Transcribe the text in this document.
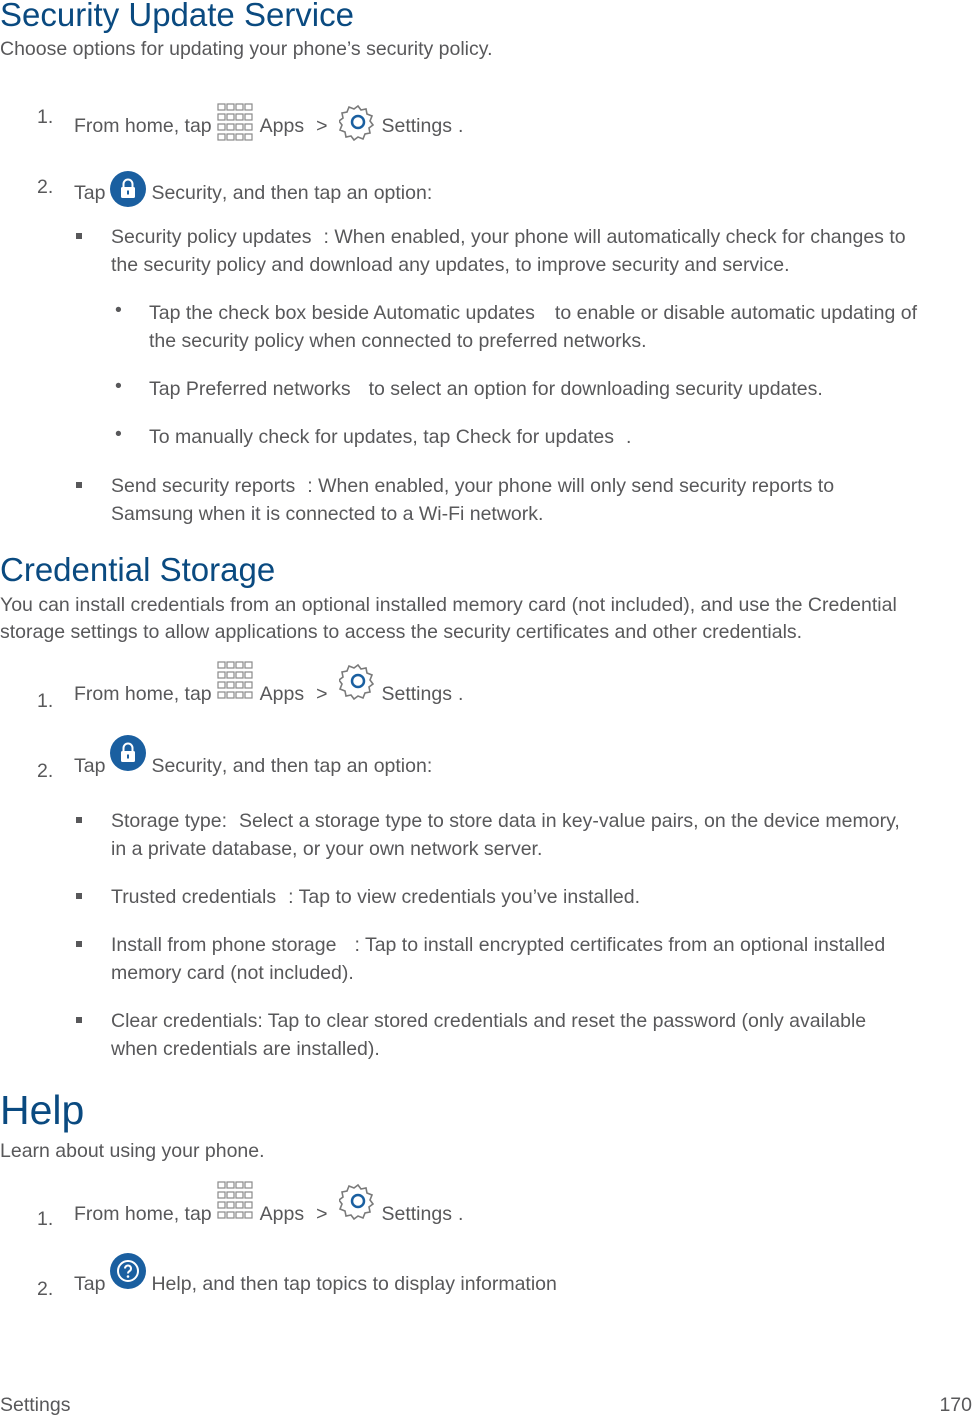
Security Update Service
Choose options for updating your phone’s security policy.
1. From home, tap Apps >	Settings .
2. Tap Security , and then tap an option:
Security policy updates : When enabled, your phone will automatically check for changes to
the security policy and download any updates, to improve security and service.
• Tap the check box beside Automatic updates to enable or disable automatic updating of
the security policy when connected to preferred networks.
• Tap Preferred networks to select an option for downloading security updates.
• To manually check for updates, tap Check for updates .
Send security reports : When enabled, your phone will only send security reports to
Samsung when it is connected to a Wi-Fi network.
Credential Storage
You can install credentials from an optional installed memory card (not included), and use the Credential
storage settings to allow applications to access the security certificates and other credentials.
1. From home, tap Apps >	Settings .
2. Tap Security , and then tap an option:
Storage type: Select a storage type to store data in key-value pairs, on the device memory,
in a private database, or your own network server.
Trusted credentials : Tap to view credentials you’ve installed.
Install from phone storage : Tap to install encrypted certificates from an optional installed
memory card (not included).
Clear credentials: Tap to clear stored credentials and reset the password (only available
when credentials are installed).
Help
Learn about using your phone.
1. From home, tap Apps >	Settings .
2. Tap Help , and then tap topics to display information
Settings	170
